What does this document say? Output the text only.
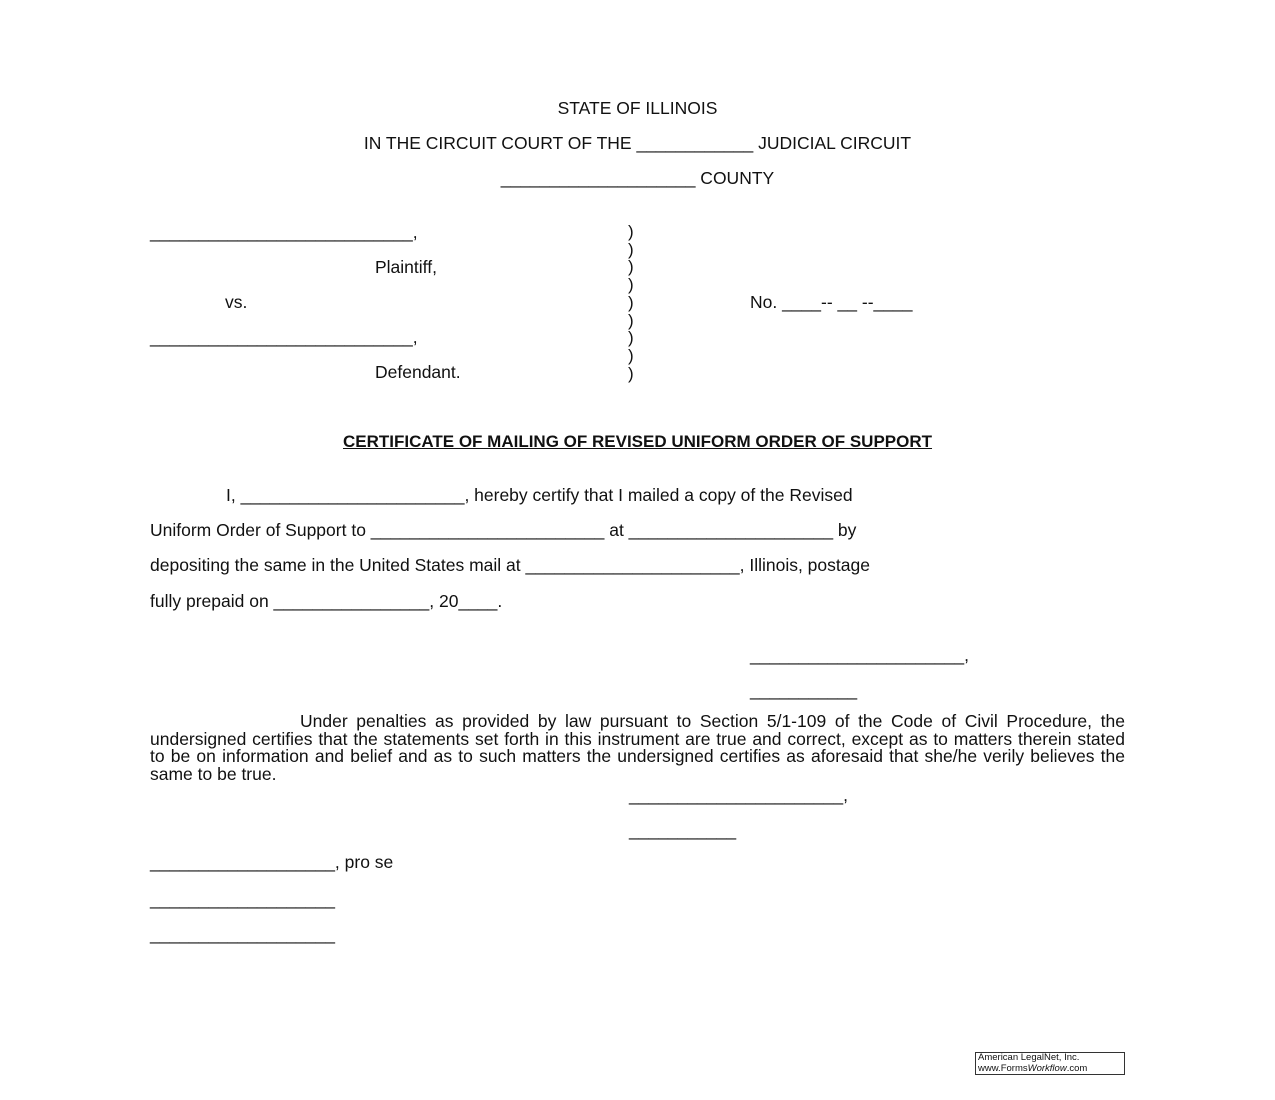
STATE OF ILLINOIS
IN THE CIRCUIT COURT OF THE ____________ JUDICIAL CIRCUIT
____________________ COUNTY
___________________________,
Plaintiff,
vs.
___________________________,
Defendant.
)
)
)
)
)
)
)
)
)
No. ____-- __ --____
CERTIFICATE OF MAILING OF REVISED UNIFORM ORDER OF SUPPORT
I, _______________________, hereby certify that I mailed a copy of the Revised
Uniform Order of Support to ________________________ at _____________________ by
depositing the same in the United States mail at ______________________, Illinois, postage
fully prepaid on ________________, 20____.
______________________,
___________
Under penalties as provided by law pursuant to Section 5/1-109 of the Code of Civil Procedure, the undersigned certifies that the statements set forth in this instrument are true and correct, except as to matters therein stated to be on information and belief and as to such matters the undersigned certifies as aforesaid that she/he verily believes the same to be true.
______________________,
___________
___________________, pro se
___________________
___________________
American LegalNet, Inc.
www.FormsWorkflow.com
